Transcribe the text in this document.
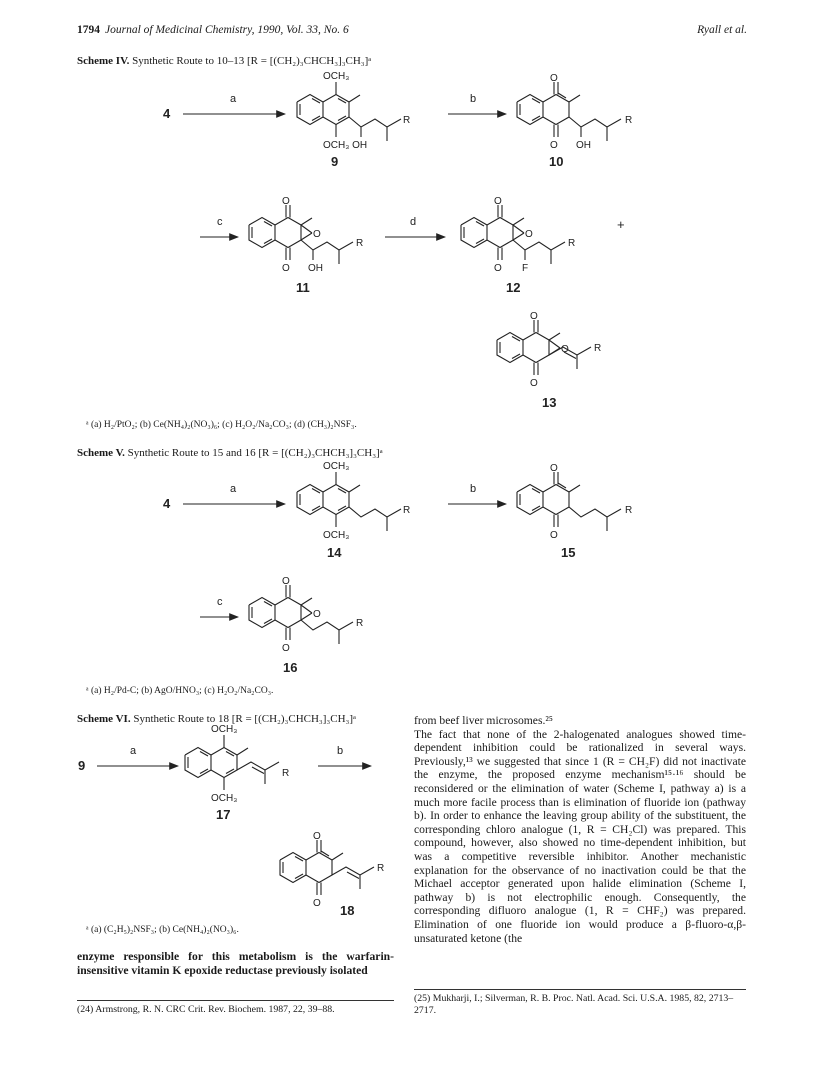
1794 Journal of Medicinal Chemistry, 1990, Vol. 33, No. 6	Ryall et al.
Scheme IV. Synthetic Route to 10–13 [R = [(CH₂)₃CHCH₃]₃CH₃]ᵃ
Scheme V. Synthetic Route to 15 and 16 [R = [(CH₂)₃CHCH₃]₃CH₃]ᵃ
Scheme VI. Synthetic Route to 18 [R = [(CH₂)₃CHCH₃]₃CH₃]ᵃ
ᵃ (a) H₂/PtO₂; (b) Ce(NH₄)₂(NO₃)₆; (c) H₂O₂/Na₂CO₃; (d) (CH₃)₂NSF₃.
ᵃ (a) H₂/Pd-C; (b) AgO/HNO₃; (c) H₂O₂/Na₂CO₃.
ᵃ (a) (C₂H₅)₂NSF₃; (b) Ce(NH₄)₂(NO₃)₆.
4
a
OCH₃
OCH₃ OH
R
9
b
O
O OH
R
10
c
O
O
O OH
R
11
d
O
O
O F
R
12
+
O
O
O
R
13
4
a
OCH₃
OCH₃
R
14
b
O
O
R
15
c
O
O
O
R
16
9
a
OCH₃
OCH₃
R
17
b
O
O
R
18
enzyme responsible for this metabolism is the warfarin-insensitive vitamin K epoxide reductase previously isolated
from beef liver microsomes.²⁵
The fact that none of the 2-halogenated analogues showed time-dependent inhibition could be rationalized in several ways. Previously,¹³ we suggested that since 1 (R = CH₂F) did not inactivate the enzyme, the proposed enzyme mechanism¹⁵·¹⁶ should be reconsidered or the elimination of water (Scheme I, pathway a) is a much more facile process than is elimination of fluoride ion (pathway b). In order to enhance the leaving group ability of the substituent, the corresponding chloro analogue (1, R = CH₂Cl) was prepared. This compound, however, also showed no time-dependent inhibition, but was a competitive reversible inhibitor. Another mechanistic explanation for the observance of no inactivation could be that the Michael acceptor generated upon halide elimination (Scheme I, pathway b) is not electrophilic enough. Consequently, the corresponding difluoro analogue (1, R = CHF₂) was prepared. Elimination of one fluoride ion would produce a β-fluoro-α,β-unsaturated ketone (the
(24) Armstrong, R. N. CRC Crit. Rev. Biochem. 1987, 22, 39–88.
(25) Mukharji, I.; Silverman, R. B. Proc. Natl. Acad. Sci. U.S.A. 1985, 82, 2713–2717.
